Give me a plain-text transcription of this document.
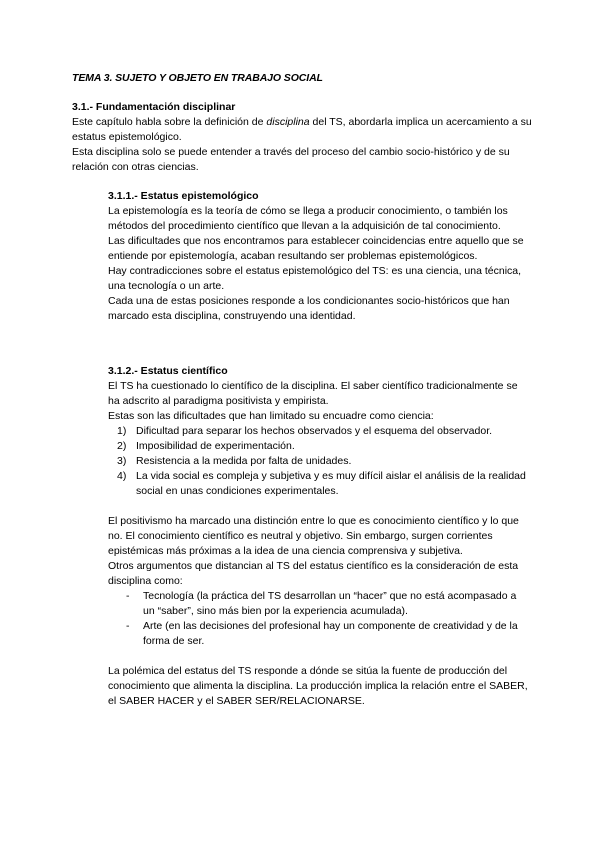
TEMA 3. SUJETO Y OBJETO EN TRABAJO SOCIAL
3.1.- Fundamentación disciplinar

Este capítulo habla sobre la definición de disciplina del TS, abordarla implica un acercamiento a su estatus epistemológico.

Esta disciplina solo se puede entender a través del proceso del cambio socio-histórico y de su relación con otras ciencias.

3.1.1.- Estatus epistemológico

La epistemología es la teoría de cómo se llega a producir conocimiento, o también los métodos del procedimiento científico que llevan a la adquisición de tal conocimiento.

Las dificultades que nos encontramos para establecer coincidencias entre aquello que se entiende por epistemología, acaban resultando ser problemas epistemológicos.

Hay contradicciones sobre el estatus epistemológico del TS: es una ciencia, una técnica, una tecnología o un arte.

Cada una de estas posiciones responde a los condicionantes socio-históricos que han marcado esta disciplina, construyendo una identidad.

3.1.2.- Estatus científico

El TS ha cuestionado lo científico de la disciplina. El saber científico tradicionalmente se ha adscrito al paradigma positivista y empirista.

Estas son las dificultades que han limitado su encuadre como ciencia:

1) Dificultad para separar los hechos observados y el esquema del observador.
2) Imposibilidad de experimentación.
3) Resistencia a la medida por falta de unidades.
4) La vida social es compleja y subjetiva y es muy difícil aislar el análisis de la realidad social en unas condiciones experimentales.

El positivismo ha marcado una distinción entre lo que es conocimiento científico y lo que no. El conocimiento científico es neutral y objetivo. Sin embargo, surgen corrientes epistémicas más próximas a la idea de una ciencia comprensiva y subjetiva.

Otros argumentos que distancian al TS del estatus científico es la consideración de esta disciplina como:

- Tecnología (la práctica del TS desarrollan un “hacer” que no está acompasado a un “saber”, sino más bien por la experiencia acumulada).
- Arte (en las decisiones del profesional hay un componente de creatividad y de la forma de ser.

La polémica del estatus del TS responde a dónde se sitúa la fuente de producción del conocimiento que alimenta la disciplina. La producción implica la relación entre el SABER, el SABER HACER y el SABER SER/RELACIONARSE.
